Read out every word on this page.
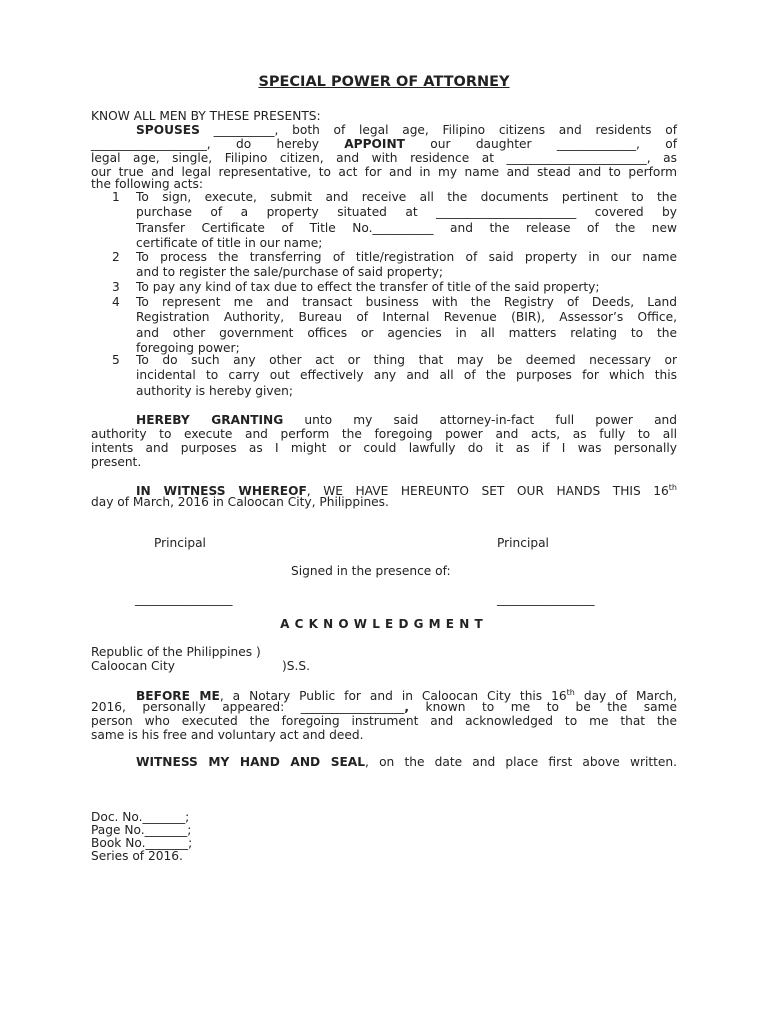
SPECIAL POWER OF ATTORNEY
KNOW ALL MEN BY THESE PRESENTS:
SPOUSES __________, both of legal age, Filipino citizens and residents of
___________________, do hereby APPOINT our daughter _____________, of
legal age, single, Filipino citizen, and with residence at _______________________, as
our true and legal representative, to act for and in my name and stead and to perform
the following acts:
1 To sign, execute, submit and receive all the documents pertinent to the
purchase of a property situated at _______________________ covered by
Transfer Certificate of Title No.__________ and the release of the new
certificate of title in our name;
2 To process the transferring of title/registration of said property in our name
and to register the sale/purchase of said property;
3 To pay any kind of tax due to effect the transfer of title of the said property;
4 To represent me and transact business with the Registry of Deeds, Land
Registration Authority, Bureau of Internal Revenue (BIR), Assessor’s Office,
and other government offices or agencies in all matters relating to the
foregoing power;
5 To do such any other act or thing that may be deemed necessary or
incidental to carry out effectively any and all of the purposes for which this
authority is hereby given;
HEREBY GRANTING unto my said attorney-in-fact full power and
authority to execute and perform the foregoing power and acts, as fully to all
intents and purposes as I might or could lawfully do it as if I was personally
present.
IN WITNESS WHEREOF, WE HAVE HEREUNTO SET OUR HANDS THIS 16th
day of March, 2016 in Caloocan City, Philippines.
Principal	Principal
Signed in the presence of:
________________	________________
ACKNOWLEDGMENT
Republic of the Philippines )
Caloocan City	)S.S.
BEFORE ME, a Notary Public for and in Caloocan City this 16th day of March,
2016, personally appeared: _________________, known to me to be the same
person who executed the foregoing instrument and acknowledged to me that the
same is his free and voluntary act and deed.
WITNESS MY HAND AND SEAL, on the date and place first above written.
Doc. No._______;
Page No._______;
Book No._______;
Series of 2016.
